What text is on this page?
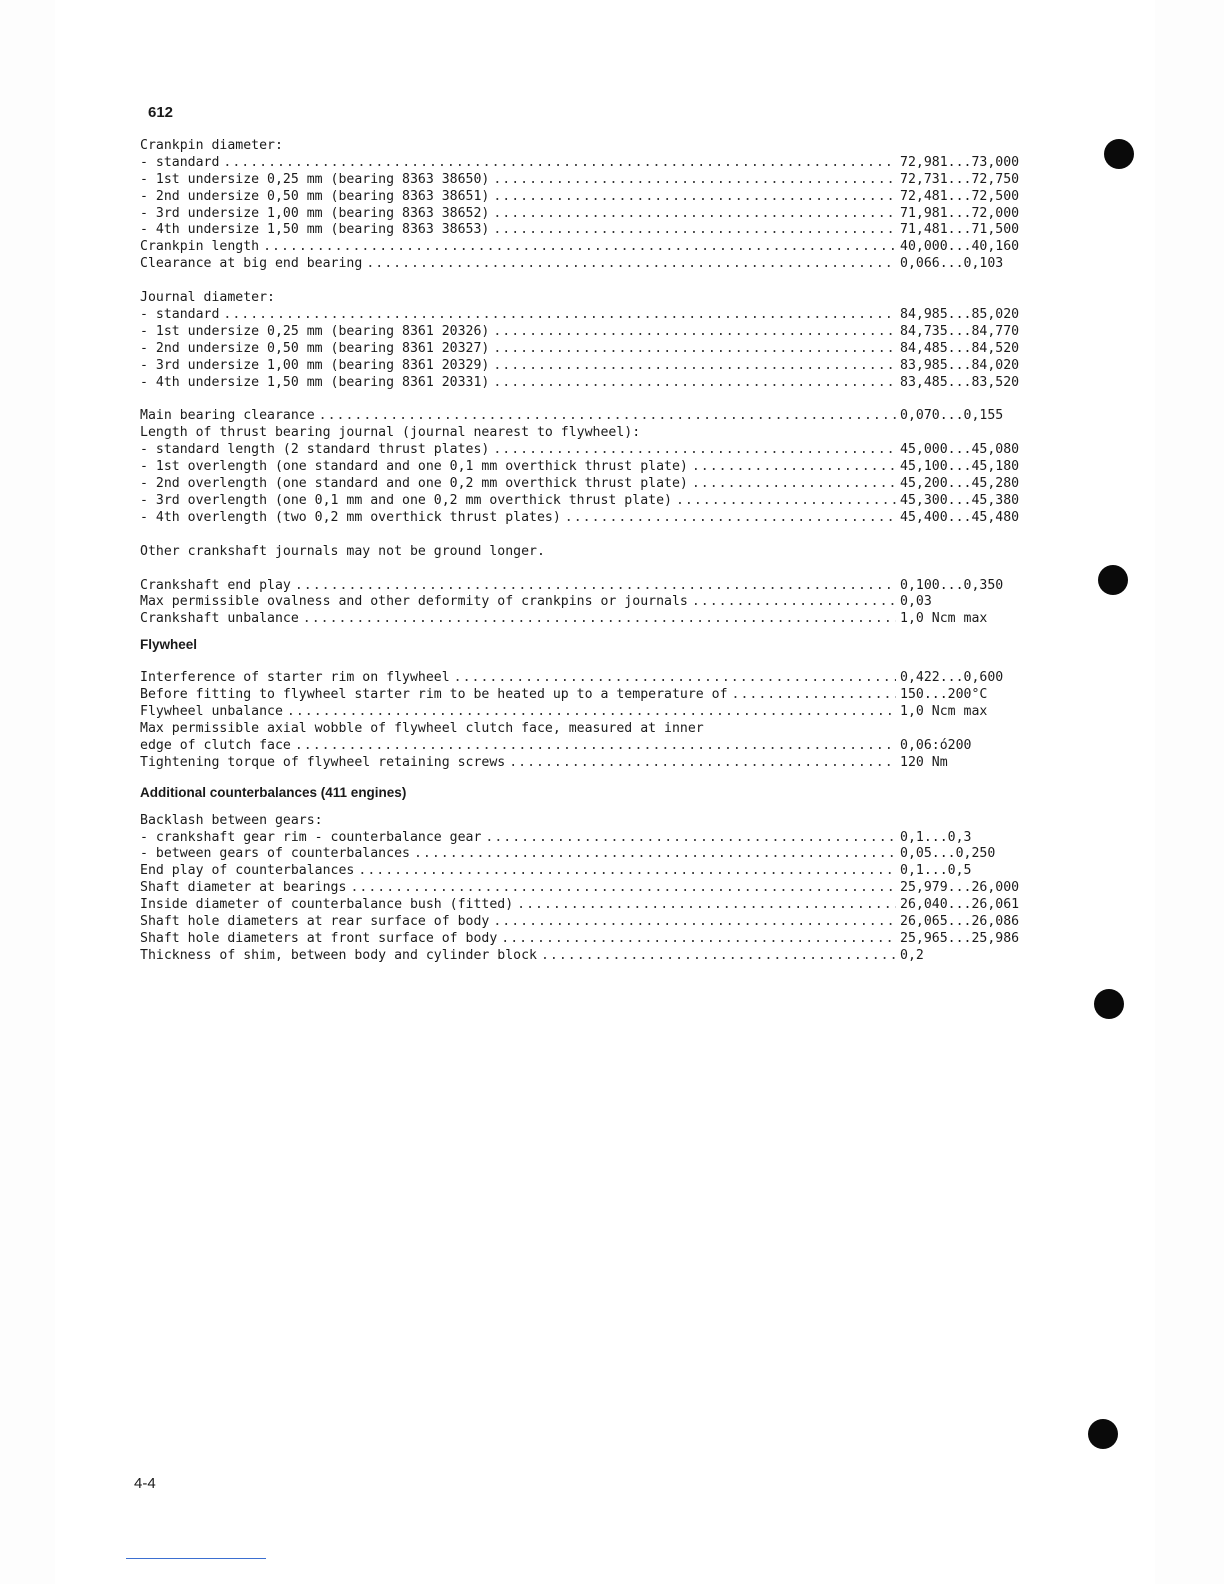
612
Crankpin diameter:
- standard .....	72,981...73,000
- 1st undersize 0,25 mm (bearing 8363 38650) .....	72,731...72,750
- 2nd undersize 0,50 mm (bearing 8363 38651) .....	72,481...72,500
- 3rd undersize 1,00 mm (bearing 8363 38652) .....	71,981...72,000
- 4th undersize 1,50 mm (bearing 8363 38653) .....	71,481...71,500
Crankpin length .....	40,000...40,160
Clearance at big end bearing .....	0,066...0,103
Journal diameter:
- standard .....	84,985...85,020
- 1st undersize 0,25 mm (bearing 8361 20326) .....	84,735...84,770
- 2nd undersize 0,50 mm (bearing 8361 20327) .....	84,485...84,520
- 3rd undersize 1,00 mm (bearing 8361 20329) .....	83,985...84,020
- 4th undersize 1,50 mm (bearing 8361 20331) .....	83,485...83,520
Main bearing clearance .....	0,070...0,155
Length of thrust bearing journal (journal nearest to flywheel):
- standard length (2 standard thrust plates) .....	45,000...45,080
- 1st overlength (one standard and one 0,1 mm overthick thrust plate) .....	45,100...45,180
- 2nd overlength (one standard and one 0,2 mm overthick thrust plate) .....	45,200...45,280
- 3rd overlength (one 0,1 mm and one 0,2 mm overthick thrust plate) .....	45,300...45,380
- 4th overlength (two 0,2 mm overthick thrust plates) .....	45,400...45,480
Other crankshaft journals may not be ground longer.
Crankshaft end play .....	0,100...0,350
Max permissible ovalness and other deformity of crankpins or journals .....	0,03
Crankshaft unbalance .....	1,0 Ncm max
Flywheel
Interference of starter rim on flywheel .....	0,422...0,600
Before fitting to flywheel starter rim to be heated up to a temperature of .....	150...200°C
Flywheel unbalance .....	1,0 Ncm max
Max permissible axial wobble of flywheel clutch face, measured at inner
edge of clutch face .....	0,06:ó200
Tightening torque of flywheel retaining screws .....	120 Nm
Additional counterbalances (411 engines)
Backlash between gears:
- crankshaft gear rim - counterbalance gear .....	0,1...0,3
- between gears of counterbalances .....	0,05...0,250
End play of counterbalances .....	0,1...0,5
Shaft diameter at bearings .....	25,979...26,000
Inside diameter of counterbalance bush (fitted) .....	26,040...26,061
Shaft hole diameters at rear surface of body .....	26,065...26,086
Shaft hole diameters at front surface of body .....	25,965...25,986
Thickness of shim, between body and cylinder block .....	0,2
4-4
